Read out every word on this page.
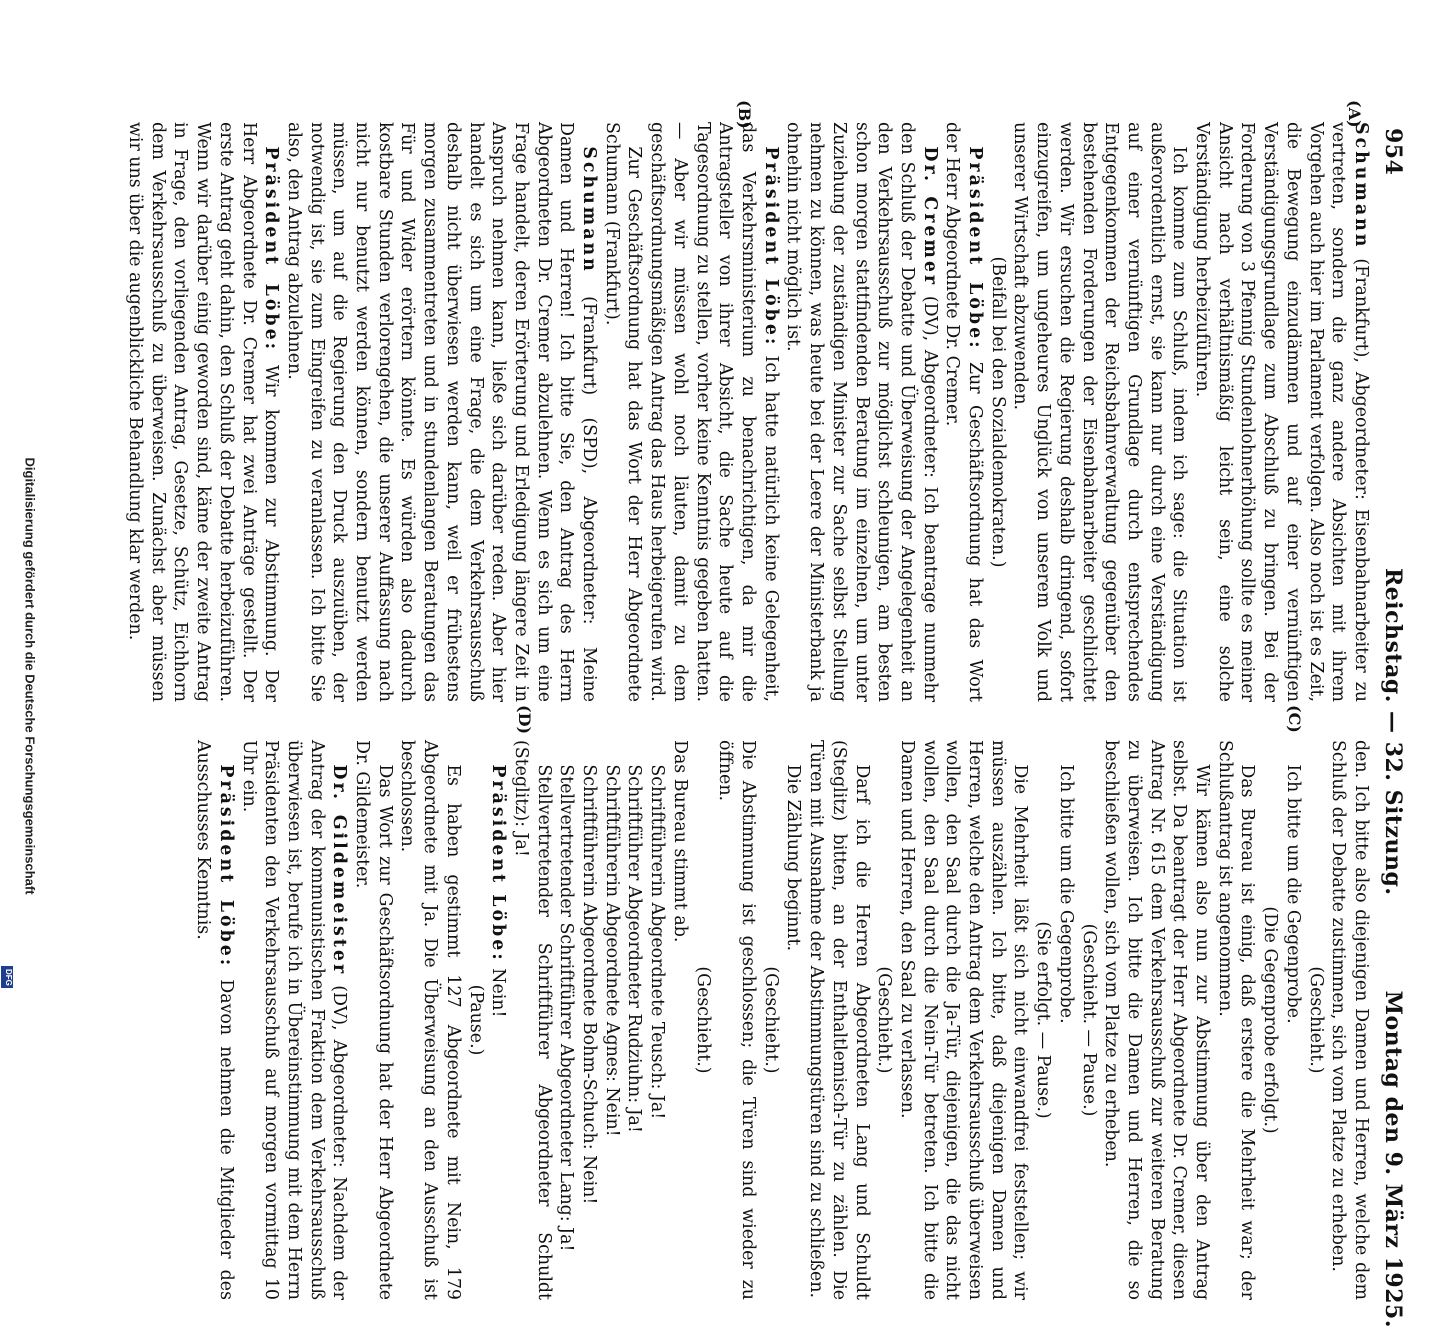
954
Reichstag. — 32. Sitzung.
Montag den 9. März 1925.
(A)
(B)
(C)
(D)

Schumann (Frankfurt), Abgeordneter: Eisenbahnarbeiter zu vertreten, sondern die ganz andere Absichten mit ihrem Vorgehen auch hier im Parlament verfolgen. Also noch ist es Zeit, die Bewegung einzudämmen und auf einer vernünftigen Verständigungsgrundlage zum Abschluß zu bringen. Bei der Forderung von 3 Pfennig Stundenlohnerhöhung sollte es meiner Ansicht nach verhältnismäßig leicht sein, eine solche Verständigung herbeizuführen.

Ich komme zum Schluß, indem ich sage: die Situation ist außerordentlich ernst, sie kann nur durch eine Verständigung auf einer vernünftigen Grundlage durch entsprechendes Entgegenkommen der Reichsbahnverwaltung gegenüber den bestehenden Forderungen der Eisenbahnarbeiter geschlichtet werden. Wir ersuchen die Regierung deshalb dringend, sofort einzugreifen, um ungeheures Unglück von unserem Volk und unserer Wirtschaft abzuwenden.

(Beifall bei den Sozialdemokraten.)

Präsident Löbe: Zur Geschäftsordnung hat das Wort der Herr Abgeordnete Dr. Cremer.

Dr. Cremer (DV), Abgeordneter: Ich beantrage nunmehr den Schluß der Debatte und Überweisung der Angelegenheit an den Verkehrsausschuß zur möglichst schleunigen, am besten schon morgen stattfindenden Beratung im einzelnen, um unter Zuziehung der zuständigen Minister zur Sache selbst Stellung nehmen zu können, was heute bei der Leere der Ministerbank ja ohnehin nicht möglich ist.

Präsident Löbe: Ich hatte natürlich keine Gelegenheit, das Verkehrsministerium zu benachrichtigen, da mir die Antragsteller von ihrer Absicht, die Sache heute auf die Tagesordnung zu stellen, vorher keine Kenntnis gegeben hatten. — Aber wir müssen wohl noch läuten, damit zu dem geschäftsordnungsmäßigen Antrag das Haus herbeigerufen wird.

Zur Geschäftsordnung hat das Wort der Herr Abgeordnete Schumann (Frankfurt).

Schumann (Frankfurt) (SPD), Abgeordneter: Meine Damen und Herren! Ich bitte Sie, den Antrag des Herrn Abgeordneten Dr. Cremer abzulehnen. Wenn es sich um eine Frage handelt, deren Erörterung und Erledigung längere Zeit in Anspruch nehmen kann, ließe sich darüber reden. Aber hier handelt es sich um eine Frage, die dem Verkehrsausschuß deshalb nicht überwiesen werden kann, weil er frühestens morgen zusammentreten und in stundenlangen Beratungen das Für und Wider erörtern könnte. Es würden also dadurch kostbare Stunden verlorengehen, die unserer Auffassung nach nicht nur benutzt werden können, sondern benutzt werden müssen, um auf die Regierung den Druck auszuüben, der notwendig ist, sie zum Eingreifen zu veranlassen. Ich bitte Sie also, den Antrag abzulehnen.

Präsident Löbe: Wir kommen zur Abstimmung. Der Herr Abgeordnete Dr. Cremer hat zwei Anträge gestellt. Der erste Antrag geht dahin, den Schluß der Debatte herbeizuführen. Wenn wir darüber einig geworden sind, käme der zweite Antrag in Frage, den vorliegenden Antrag, Gesetze, Schütz, Eichhorn dem Verkehrsausschuß zu überweisen. Zunächst aber müssen wir uns über die augenblickliche Behandlung klar werden.

den. Ich bitte also diejenigen Damen und Herren, welche dem Schluß der Debatte zustimmen, sich vom Platze zu erheben.

(Geschieht.)

Ich bitte um die Gegenprobe.

(Die Gegenprobe erfolgt.)

Das Bureau ist einig, daß erstere die Mehrheit war; der Schlußantrag ist angenommen.

Wir kämen also nun zur Abstimmung über den Antrag selbst. Da beantragt der Herr Abgeordnete Dr. Cremer, diesen Antrag Nr. 615 dem Verkehrsausschuß zur weiteren Beratung zu überweisen. Ich bitte die Damen und Herren, die so beschließen wollen, sich vom Platze zu erheben.

(Geschieht. — Pause.)

Ich bitte um die Gegenprobe.

(Sie erfolgt. — Pause.)

Die Mehrheit läßt sich nicht einwandfrei feststellen; wir müssen auszählen. Ich bitte, daß diejenigen Damen und Herren, welche den Antrag dem Verkehrsausschuß überweisen wollen, den Saal durch die Ja-Tür, diejenigen, die das nicht wollen, den Saal durch die Nein-Tür betreten. Ich bitte die Damen und Herren, den Saal zu verlassen.

(Geschieht.)

Darf ich die Herren Abgeordneten Lang und Schuldt (Steglitz) bitten, an der Enthaltlemisch-Tür zu zählen. Die Türen mit Ausnahme der Abstimmungstüren sind zu schließen.

Die Zählung beginnt.

(Geschieht.)

Die Abstimmung ist geschlossen; die Türen sind wieder zu öffnen.

(Geschieht.)

Das Bureau stimmt ab.

Schriftführerin Abgeordnete Teusch: Ja!

Schriftführer Abgeordneter Rudziuhn: Ja!

Schriftführerin Abgeordnete Agnes: Nein!

Schriftführerin Abgeordnete Bohm-Schuch: Nein!

Stellvertretender Schriftführer Abgeordneter Lang: Ja!

Stellvertretender Schriftführer Abgeordneter Schuldt (Steglitz): Ja!

Präsident Löbe: Nein!

(Pause.)

Es haben gestimmt 127 Abgeordnete mit Nein, 179 Abgeordnete mit Ja. Die Überweisung an den Ausschuß ist beschlossen.

Das Wort zur Geschäftsordnung hat der Herr Abgeordnete Dr. Gildemeister.

Dr. Gildemeister (DV), Abgeordneter: Nachdem der Antrag der kommunistischen Fraktion dem Verkehrsausschuß überwiesen ist, berufe ich in Übereinstimmung mit dem Herrn Präsidenten den Verkehrsausschuß auf morgen vormittag 10 Uhr ein.

Präsident Löbe: Davon nehmen die Mitglieder des Ausschusses Kenntnis.

Digitalisierung gefördert durch die Deutsche Forschungsgemeinschaft
DFG
